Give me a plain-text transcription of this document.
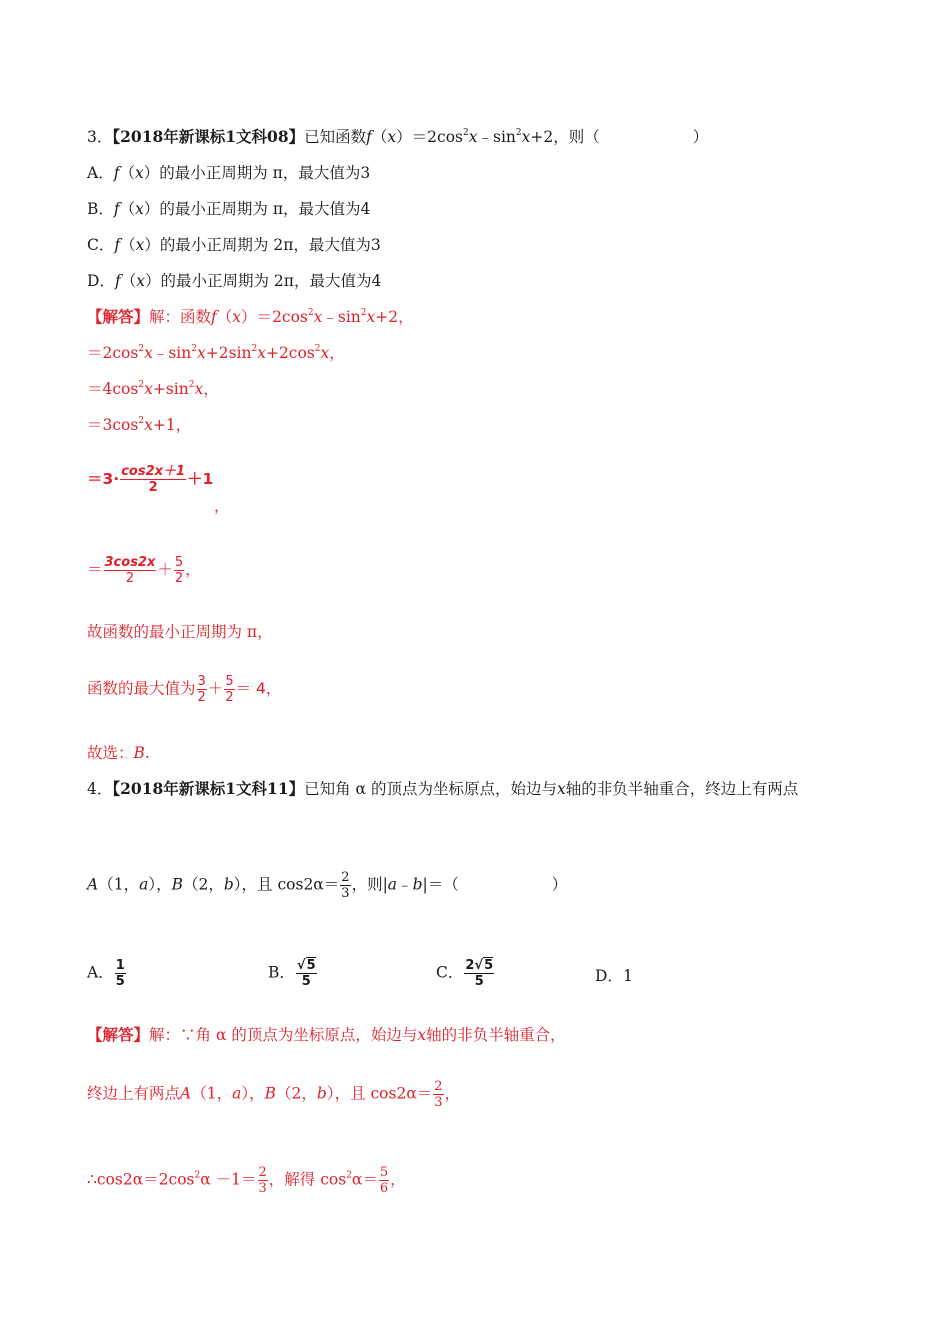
3．【2018年新课标1文科08】已知函数$f(x)=2\cos^2x﹣\sin^2x+2$，则（　　　　　　）
A．f（x）的最小正周期为 π，最大值为3
B．f（x）的最小正周期为 π，最大值为4
C．f（x）的最小正周期为 2π，最大值为3
D．f（x）的最小正周期为 2π，最大值为4
【解答】解：函数$f(x)=2\cos^2x﹣\sin^2x+2$，
$=2\cos^2x﹣\sin^2x+2\sin^2x+2\cos^2x$，
$=4\cos^2x+\sin^2x$，
$=3\cos^2x+1$，
$=3\cdot \frac{\cos 2x+1}{2} +1$
，
＝ $\frac{3\cos 2x}{2} + \frac{5}{2}$ ，
故函数的最小正周期为 π，
函数的最大值为 $\frac{3}{2} + \frac{5}{2} = 4$，
故选：B.
4．【2018年新课标1文科11】已知角 α 的顶点为坐标原点，始边与x轴的非负半轴重合，终边上有两点
A（1，a），B（2，b），且 $\cos 2\alpha= \frac{2}{3}$ ，则|a﹣b|＝（　　　　　　）
A． $\frac{1}{5}$	B． $\frac{√5}{5}$	C． $\frac{2√5}{5}$	D．1
【解答】解：∵角 α 的顶点为坐标原点，始边与x轴的非负半轴重合，
终边上有两点A（1，a），B（2，b），且 $\cos 2\alpha= \frac{2}{3}$ ，
$\therefore\cos 2\alpha=2\cos^2\alpha -1= \frac{2}{3}$ ，解得 $\cos^2\alpha= \frac{5}{6}$ ，
